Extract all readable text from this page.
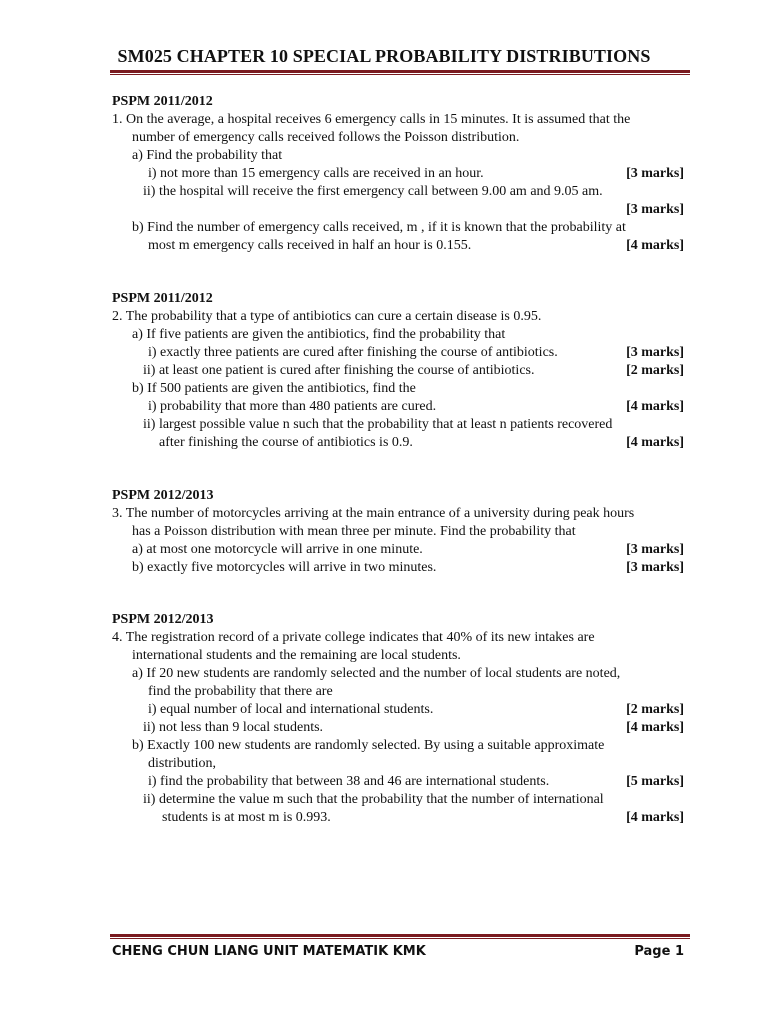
SM025 CHAPTER 10 SPECIAL PROBABILITY DISTRIBUTIONS
PSPM 2011/2012
1. On the average, a hospital receives 6 emergency calls in 15 minutes. It is assumed that the
number of emergency calls received follows the Poisson distribution.
a) Find the probability that
i) not more than 15 emergency calls are received in an hour.	[3 marks]
ii) the hospital will receive the first emergency call between 9.00 am and 9.05 am.
[3 marks]
b) Find the number of emergency calls received, m , if it is known that the probability at
most m emergency calls received in half an hour is 0.155.	[4 marks]
PSPM 2011/2012
2. The probability that a type of antibiotics can cure a certain disease is 0.95.
a) If five patients are given the antibiotics, find the probability that
i) exactly three patients are cured after finishing the course of antibiotics.	[3 marks]
ii) at least one patient is cured after finishing the course of antibiotics.	[2 marks]
b) If 500 patients are given the antibiotics, find the
i) probability that more than 480 patients are cured.	[4 marks]
ii) largest possible value n such that the probability that at least n patients recovered
after finishing the course of antibiotics is 0.9.	[4 marks]
PSPM 2012/2013
3. The number of motorcycles arriving at the main entrance of a university during peak hours
has a Poisson distribution with mean three per minute. Find the probability that
a) at most one motorcycle will arrive in one minute.	[3 marks]
b) exactly five motorcycles will arrive in two minutes.	[3 marks]
PSPM 2012/2013
4. The registration record of a private college indicates that 40% of its new intakes are
international students and the remaining are local students.
a) If 20 new students are randomly selected and the number of local students are noted,
find the probability that there are
i) equal number of local and international students.	[2 marks]
ii) not less than 9 local students.	[4 marks]
b) Exactly 100 new students are randomly selected. By using a suitable approximate
distribution,
i) find the probability that between 38 and 46 are international students.	[5 marks]
ii) determine the value m such that the probability that the number of international
students is at most m is 0.993.	[4 marks]
CHENG CHUN LIANG UNIT MATEMATIK KMK	Page 1
